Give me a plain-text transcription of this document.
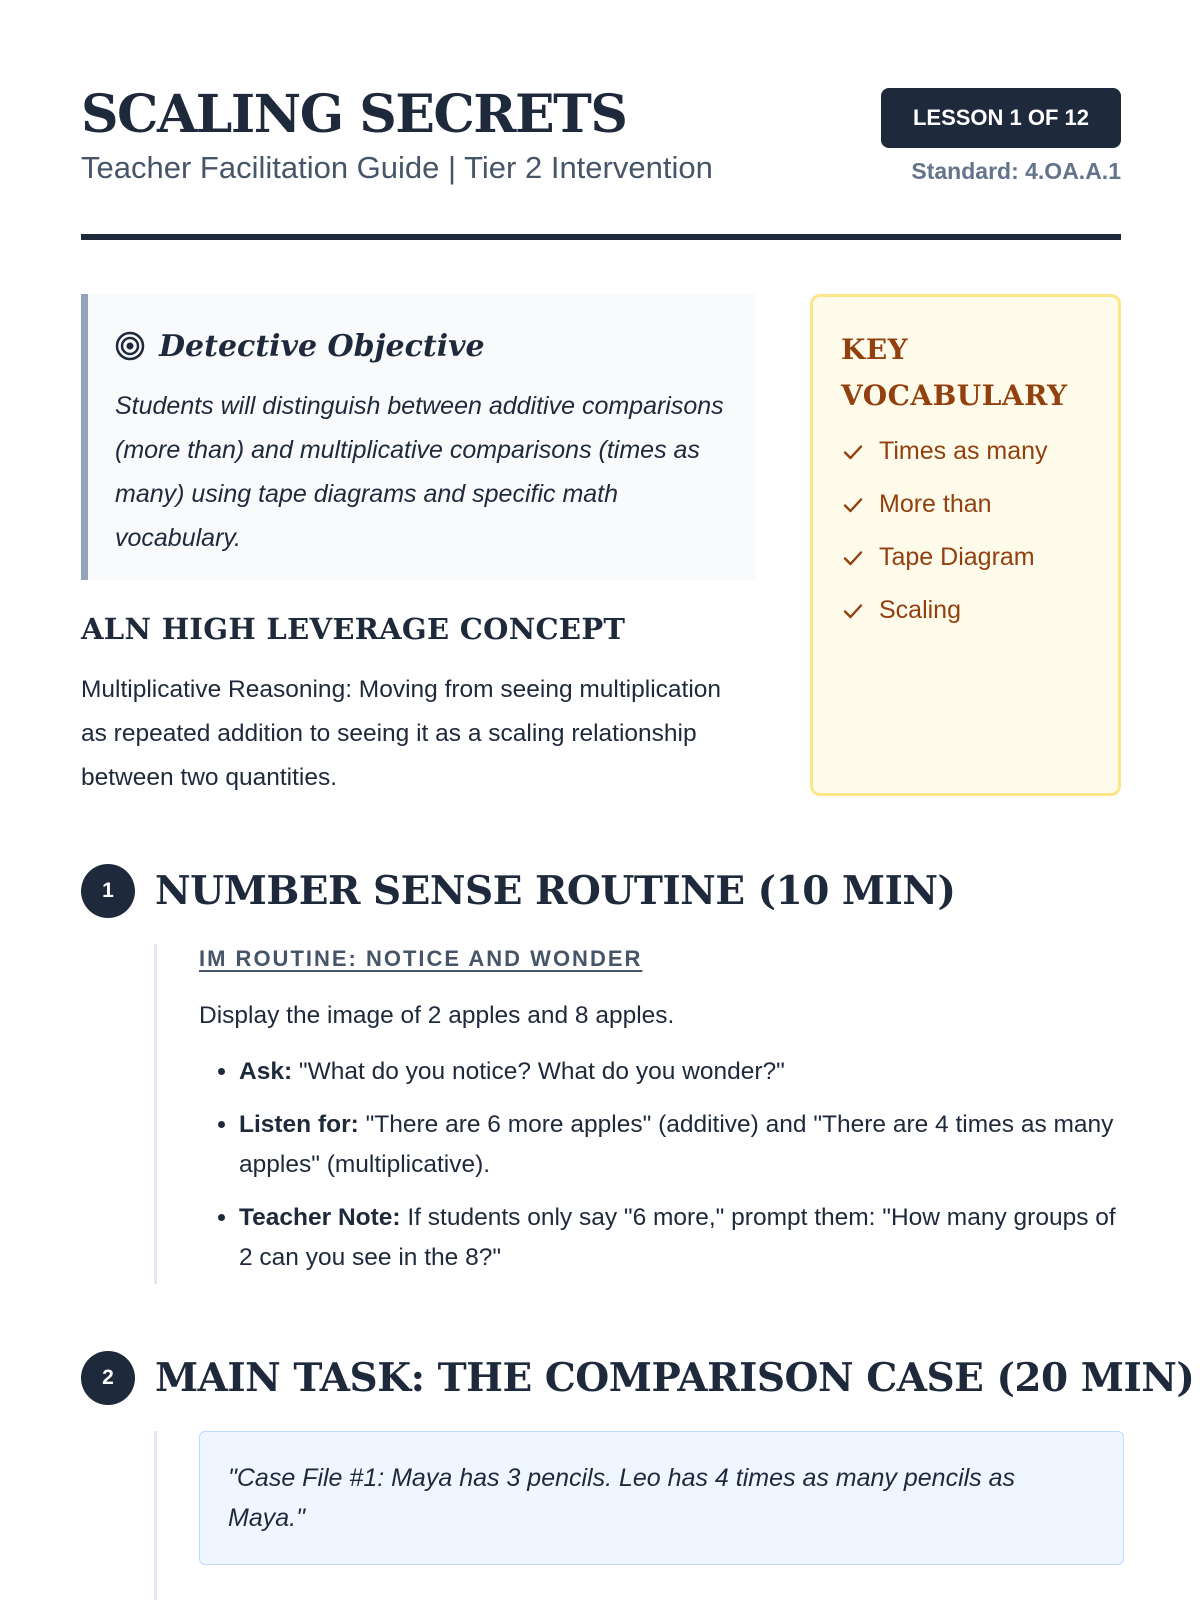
SCALING SECRETS
Teacher Facilitation Guide | Tier 2 Intervention
LESSON 1 OF 12
Standard: 4.OA.A.1
Detective Objective

Students will distinguish between additive comparisons (more than) and multiplicative comparisons (times as many) using tape diagrams and specific math vocabulary.

KEY VOCABULARY
Times as many
More than
Tape Diagram
Scaling
ALN HIGH LEVERAGE CONCEPT

Multiplicative Reasoning: Moving from seeing multiplication as repeated addition to seeing it as a scaling relationship between two quantities.

1	NUMBER SENSE ROUTINE (10 MIN)
IM ROUTINE: NOTICE AND WONDER

Display the image of 2 apples and 8 apples.

• Ask: "What do you notice? What do you wonder?"
• Listen for: "There are 6 more apples" (additive) and "There are 4 times as many apples" (multiplicative).
• Teacher Note: If students only say "6 more," prompt them: "How many groups of 2 can you see in the 8?"
2	MAIN TASK: THE COMPARISON CASE (20 MIN)
"Case File #1: Maya has 3 pencils. Leo has 4 times as many pencils as Maya."
